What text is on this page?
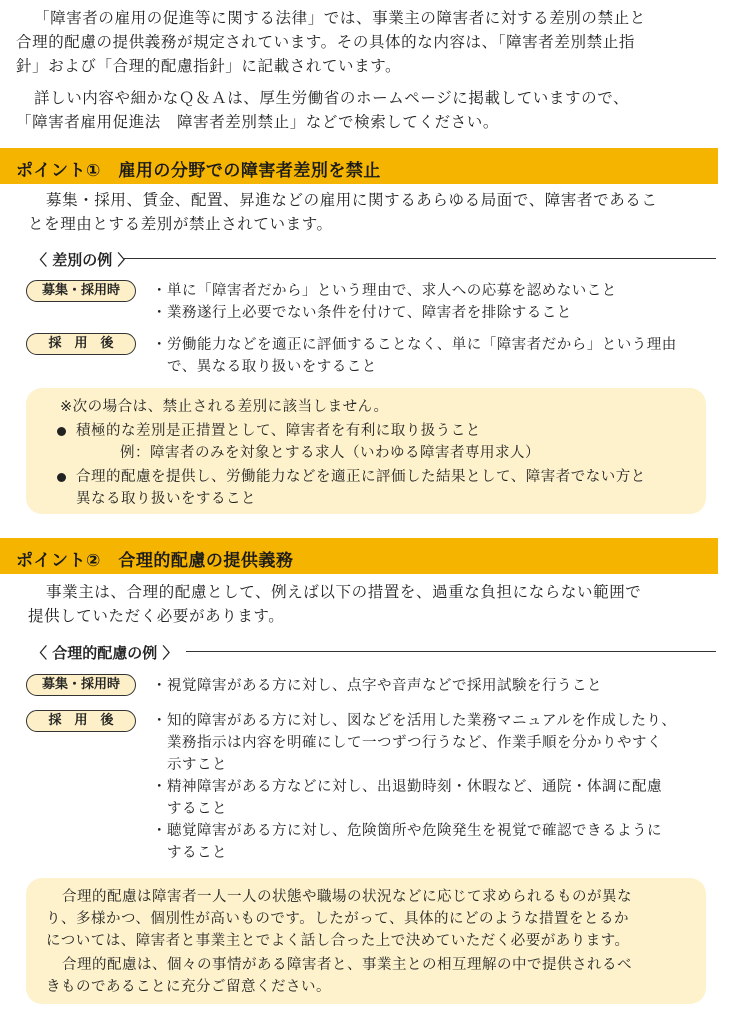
「障害者の雇用の促進等に関する法律」では、事業主の障害者に対する差別の禁止と
合理的配慮の提供義務が規定されています。その具体的な内容は、「障害者差別禁止指
針」および「合理的配慮指針」に記載されています。
詳しい内容や細かなＱ＆Ａは、厚生労働省のホームページに掲載していますので、
「障害者雇用促進法　障害者差別禁止」などで検索してください。
ポイント①　雇用の分野での障害者差別を禁止
募集・採用、賃金、配置、昇進などの雇用に関するあらゆる局面で、障害者であるこ
とを理由とする差別が禁止されています。
〈 差別の例 〉
募集・採用時	・単に「障害者だから」という理由で、求人への応募を認めないこと
・業務遂行上必要でない条件を付けて、障害者を排除すること
採　用　後	・労働能力などを適正に評価することなく、単に「障害者だから」という理由
　で、異なる取り扱いをすること
※次の場合は、禁止される差別に該当しません。
積極的な差別是正措置として、障害者を有利に取り扱うこと
例：障害者のみを対象とする求人（いわゆる障害者専用求人）
合理的配慮を提供し、労働能力などを適正に評価した結果として、障害者でない方と
異なる取り扱いをすること
ポイント②　合理的配慮の提供義務
事業主は、合理的配慮として、例えば以下の措置を、過重な負担にならない範囲で
提供していただく必要があります。
〈 合理的配慮の例 〉
募集・採用時	・視覚障害がある方に対し、点字や音声などで採用試験を行うこと
採　用　後	・知的障害がある方に対し、図などを活用した業務マニュアルを作成したり、
　業務指示は内容を明確にして一つずつ行うなど、作業手順を分かりやすく
　示すこと
・精神障害がある方などに対し、出退勤時刻・休暇など、通院・体調に配慮
　すること
・聴覚障害がある方に対し、危険箇所や危険発生を視覚で確認できるように
　すること
合理的配慮は障害者一人一人の状態や職場の状況などに応じて求められるものが異な
り、多様かつ、個別性が高いものです。したがって、具体的にどのような措置をとるか
については、障害者と事業主とでよく話し合った上で決めていただく必要があります。
合理的配慮は、個々の事情がある障害者と、事業主との相互理解の中で提供されるべ
きものであることに充分ご留意ください。
